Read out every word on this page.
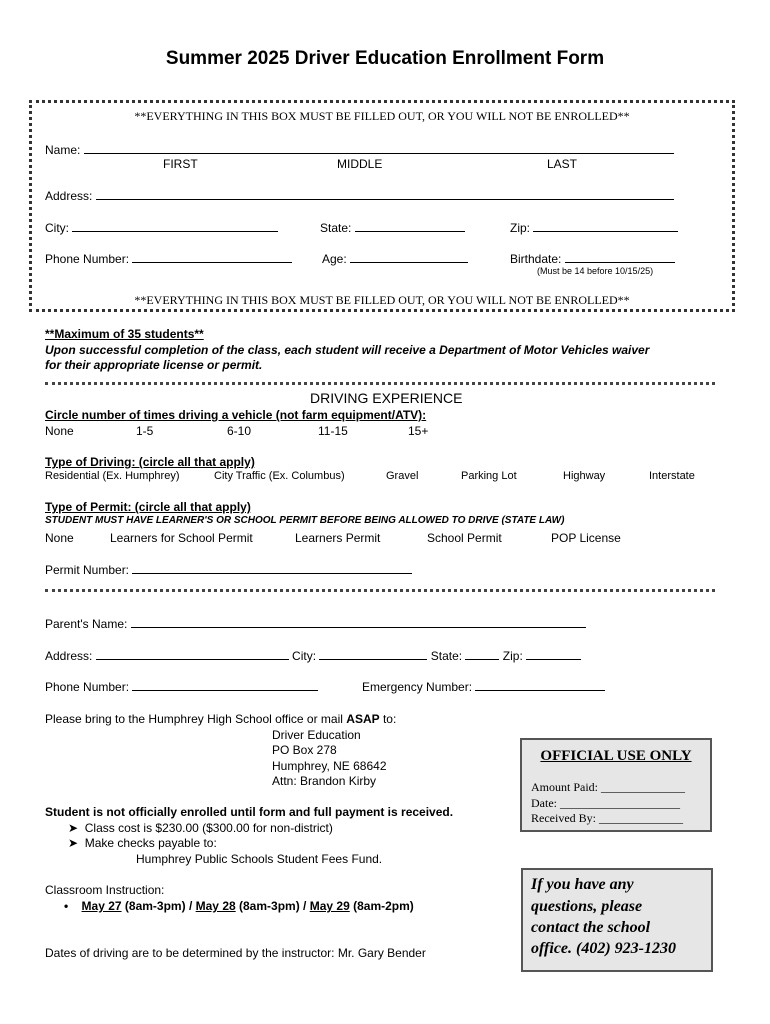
Summer 2025 Driver Education Enrollment Form
**EVERYTHING IN THIS BOX MUST BE FILLED OUT, OR YOU WILL NOT BE ENROLLED**
Name:
FIRST	MIDDLE	LAST
Address:
City:	State:	Zip:
Phone Number:	Age:	Birthdate:
(Must be 14 before 10/15/25)
**EVERYTHING IN THIS BOX MUST BE FILLED OUT, OR YOU WILL NOT BE ENROLLED**
**Maximum of 35 students**
Upon successful completion of the class, each student will receive a Department of Motor Vehicles waiver
for their appropriate license or permit.
DRIVING EXPERIENCE
Circle number of times driving a vehicle (not farm equipment/ATV):
None	1-5	6-10	11-15	15+
Type of Driving: (circle all that apply)
Residential (Ex. Humphrey)	City Traffic (Ex. Columbus)	Gravel	Parking Lot	Highway	Interstate
Type of Permit: (circle all that apply)
STUDENT MUST HAVE LEARNER'S OR SCHOOL PERMIT BEFORE BEING ALLOWED TO DRIVE (STATE LAW)
None	Learners for School Permit	Learners Permit	School Permit	POP License
Permit Number:
Parent's Name:
Address:	City:	State:	Zip:
Phone Number:	Emergency Number:
Please bring to the Humphrey High School office or mail ASAP to:
Driver Education
PO Box 278
Humphrey, NE 68642
Attn: Brandon Kirby
Student is not officially enrolled until form and full payment is received.
➤ Class cost is $230.00 ($300.00 for non-district)
➤ Make checks payable to:
Humphrey Public Schools Student Fees Fund.
Classroom Instruction:
• May 27 (8am-3pm) / May 28 (8am-3pm) / May 29 (8am-2pm)
Dates of driving are to be determined by the instructor: Mr. Gary Bender
OFFICIAL USE ONLY
Amount Paid: ______________
Date: ____________________
Received By: ______________
If you have any
questions, please
contact the school
office. (402) 923-1230
